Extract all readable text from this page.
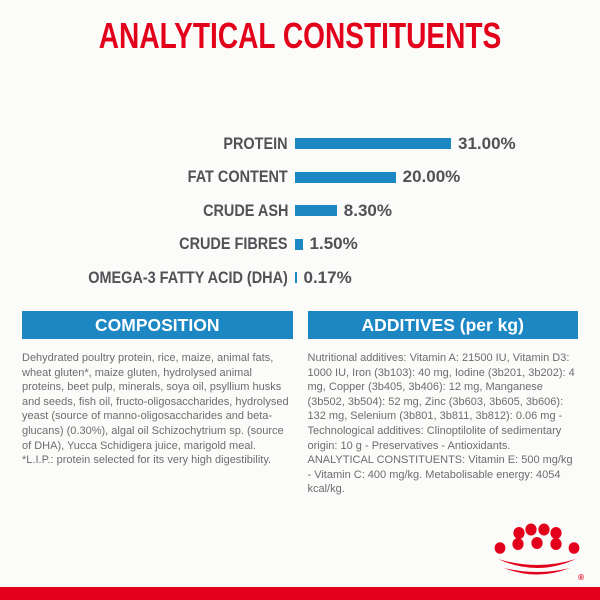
ANALYTICAL CONSTITUENTS
PROTEIN	31.00%
FAT CONTENT	20.00%
CRUDE ASH	8.30%
CRUDE FIBRES 1.50%
OMEGA-3 FATTY ACID (DHA) 0.17%
COMPOSITION

Dehydrated poultry protein, rice, maize, animal fats, wheat gluten*, maize gluten, hydrolysed animal proteins, beet pulp, minerals, soya oil, psyllium husks and seeds, fish oil, fructo-oligosaccharides, hydrolysed yeast (source of manno-oligosaccharides and beta-glucans) (0.30%), algal oil Schizochytrium sp. (source of DHA), Yucca Schidigera juice, marigold meal.

*L.I.P.: protein selected for its very high digestibility.

ADDITIVES (per kg)

Nutritional additives: Vitamin A: 21500 IU, Vitamin D3: 1000 IU, Iron (3b103): 40 mg, Iodine (3b201, 3b202): 4 mg, Copper (3b405, 3b406): 12 mg, Manganese (3b502, 3b504): 52 mg, Zinc (3b603, 3b605, 3b606): 132 mg, Selenium (3b801, 3b811, 3b812): 0.06 mg - Technological additives: Clinoptilolite of sedimentary origin: 10 g - Preservatives - Antioxidants.

ANALYTICAL CONSTITUENTS: Vitamin E: 500 mg/kg - Vitamin C: 400 mg/kg. Metabolisable energy: 4054 kcal/kg.

®
